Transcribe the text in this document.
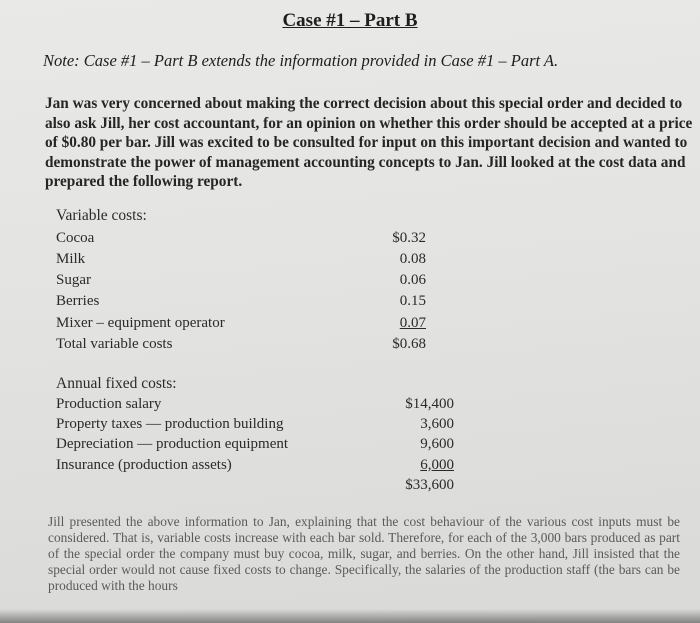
Case #1 – Part B
Note: Case #1 – Part B extends the information provided in Case #1 – Part A.
Jan was very concerned about making the correct decision about this special order and decided to also ask Jill, her cost accountant, for an opinion on whether this order should be accepted at a price of $0.80 per bar. Jill was excited to be consulted for input on this important decision and wanted to demonstrate the power of management accounting concepts to Jan. Jill looked at the cost data and prepared the following report.
Variable costs:
Cocoa	$0.32
Milk	0.08
Sugar	0.06
Berries	0.15
Mixer – equipment operator	0.07
Total variable costs	$0.68
Annual fixed costs:
Production salary	$14,400
Property taxes — production building	3,600
Depreciation — production equipment	9,600
Insurance (production assets)	6,000
$33,600
Jill presented the above information to Jan, explaining that the cost behaviour of the various cost inputs must be considered. That is, variable costs increase with each bar sold. Therefore, for each of the 3,000 bars produced as part of the special order the company must buy cocoa, milk, sugar, and berries. On the other hand, Jill insisted that the special order would not cause fixed costs to change. Specifically, the salaries of the production staff (the bars can be produced with the hours
